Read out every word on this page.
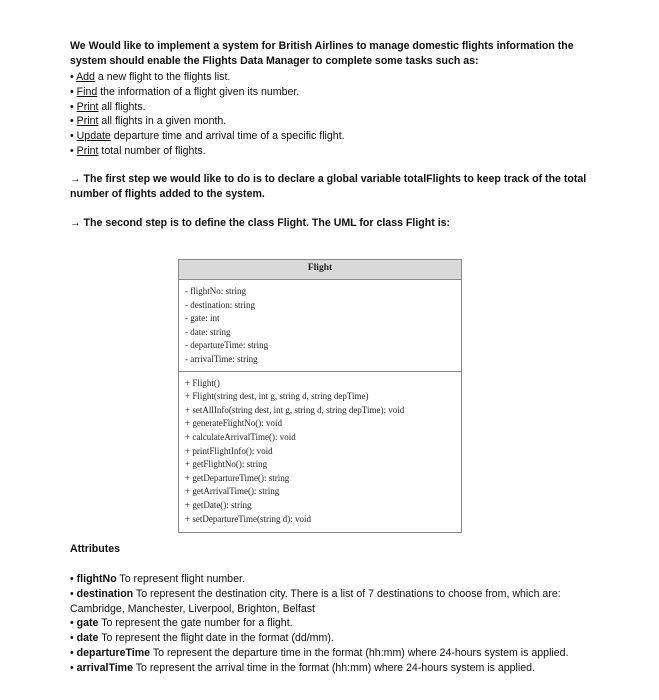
We Would like to implement a system for British Airlines to manage domestic flights information the system should enable the Flights Data Manager to complete some tasks such as:
• Add a new flight to the flights list.
• Find the information of a flight given its number.
• Print all flights.
• Print all flights in a given month.
• Update departure time and arrival time of a specific flight.
• Print total number of flights.
→ The first step we would like to do is to declare a global variable totalFlights to keep track of the total number of flights added to the system.
→ The second step is to define the class Flight. The UML for class Flight is:
Flight
- flightNo: string
- destination: string
- gate: int
- date: string
- departureTime: string
- arrivalTime: string
+ Flight()
+ Flight(string dest, int g, string d, string depTime)
+ setAllInfo(string dest, int g, string d, string depTime): void
+ generateFlightNo(): void
+ calculateArrivalTime(): void
+ printFlightInfo(): void
+ getFlightNo(): string
+ getDepartureTime(): string
+ getArrivalTime(): string
+ getDate(): string
+ setDepartureTime(string d): void
Attributes
• flightNo To represent flight number.
• destination To represent the destination city. There is a list of 7 destinations to choose from, which are: Cambridge, Manchester, Liverpool, Brighton, Belfast
• gate To represent the gate number for a flight.
• date To represent the flight date in the format (dd/mm).
• departureTime To represent the departure time in the format (hh:mm) where 24-hours system is applied.
• arrivalTime To represent the arrival time in the format (hh:mm) where 24-hours system is applied.
